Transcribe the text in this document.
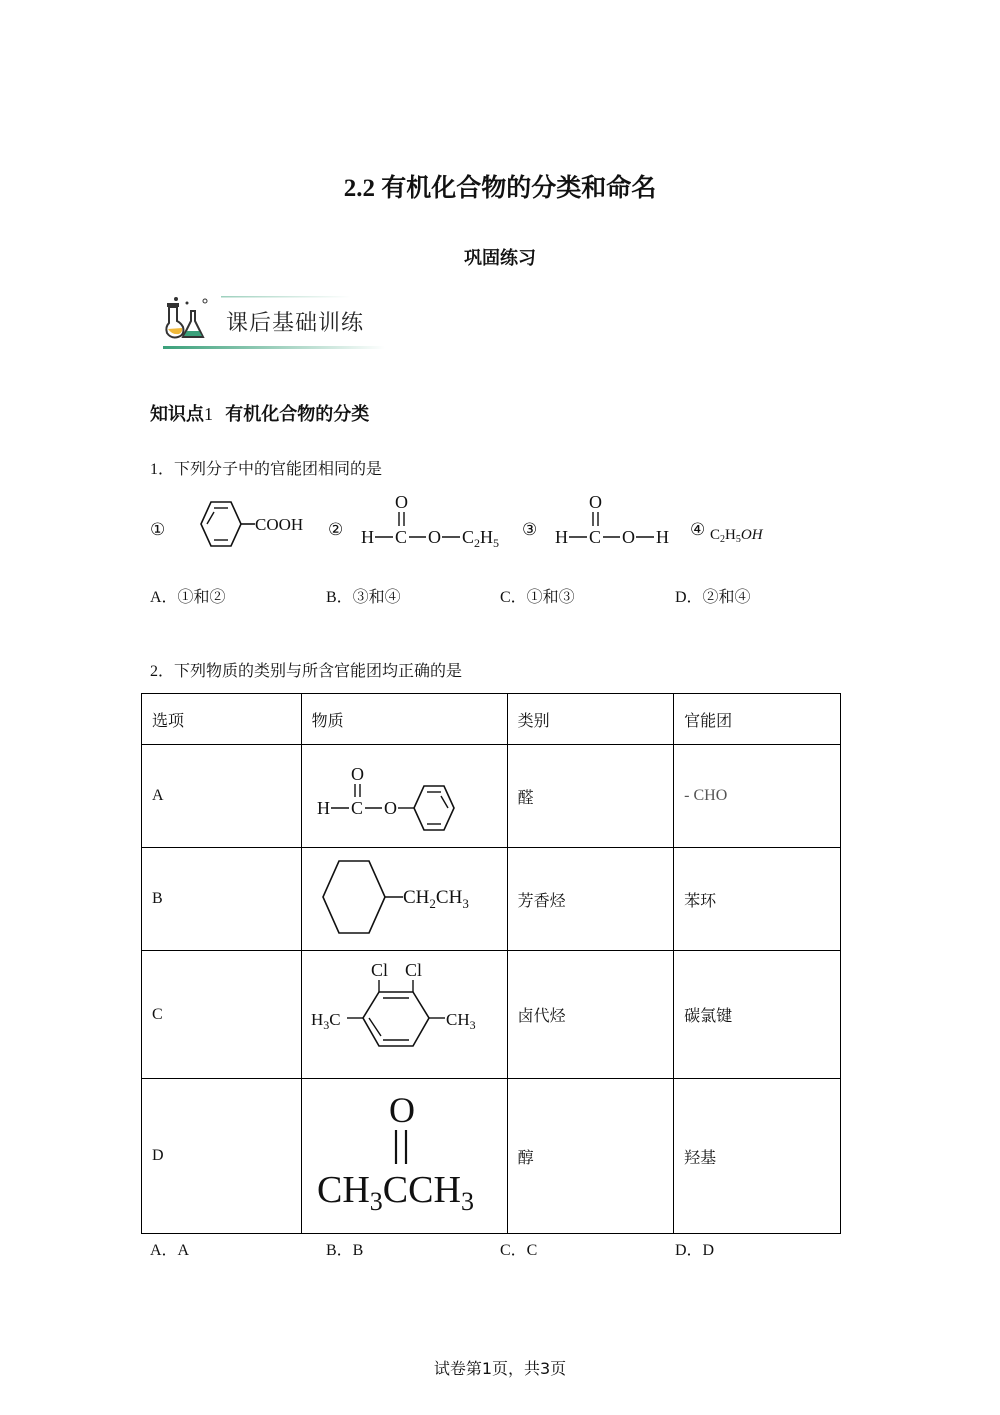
2.2 有机化合物的分类和命名
巩固练习
课后基础训练
知识点1 有机化合物的分类
1．下列分子中的官能团相同的是
①	COOH ②
O
H C O $C_2H_5$
③
O
H C O H ④ $C_2H_5OH$
A．①和②	B．③和④	C．①和③	D．②和④
2．下列物质的类别与所含官能团均正确的是
选项	物质	类别	官能团
A	O
H C O	醛	- CHO
B	$CH_2CH_3$	芳香烃	苯环
C	Cl Cl
$H_3C$ $CH_3$	卤代烃	碳氯键
D	O
$CH_3CCH_3$	醇	羟基
A．A	B．B	C．C	D．D
试卷第1页，共3页
